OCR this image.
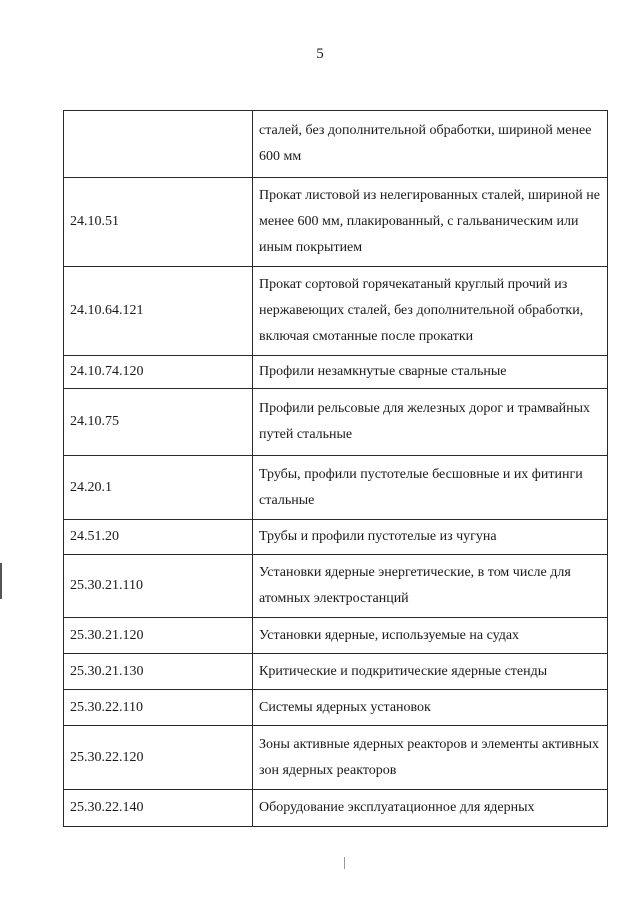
5
	сталей, без дополнительной обработки, шириной менее 600 мм
24.10.51	Прокат листовой из нелегированных сталей, шириной не менее 600 мм, плакированный, с гальваническим или иным покрытием
24.10.64.121	Прокат сортовой горячекатаный круглый прочий из нержавеющих сталей, без дополнительной обработки, включая смотанные после прокатки
24.10.74.120	Профили незамкнутые сварные стальные
24.10.75	Профили рельсовые для железных дорог и трамвайных путей стальные
24.20.1	Трубы, профили пустотелые бесшовные и их фитинги стальные
24.51.20	Трубы и профили пустотелые из чугуна
25.30.21.110	Установки ядерные энергетические, в том числе для атомных электростанций
25.30.21.120	Установки ядерные, используемые на судах
25.30.21.130	Критические и подкритические ядерные стенды
25.30.22.110	Системы ядерных установок
25.30.22.120	Зоны активные ядерных реакторов и элементы активных зон ядерных реакторов
25.30.22.140	Оборудование эксплуатационное для ядерных
